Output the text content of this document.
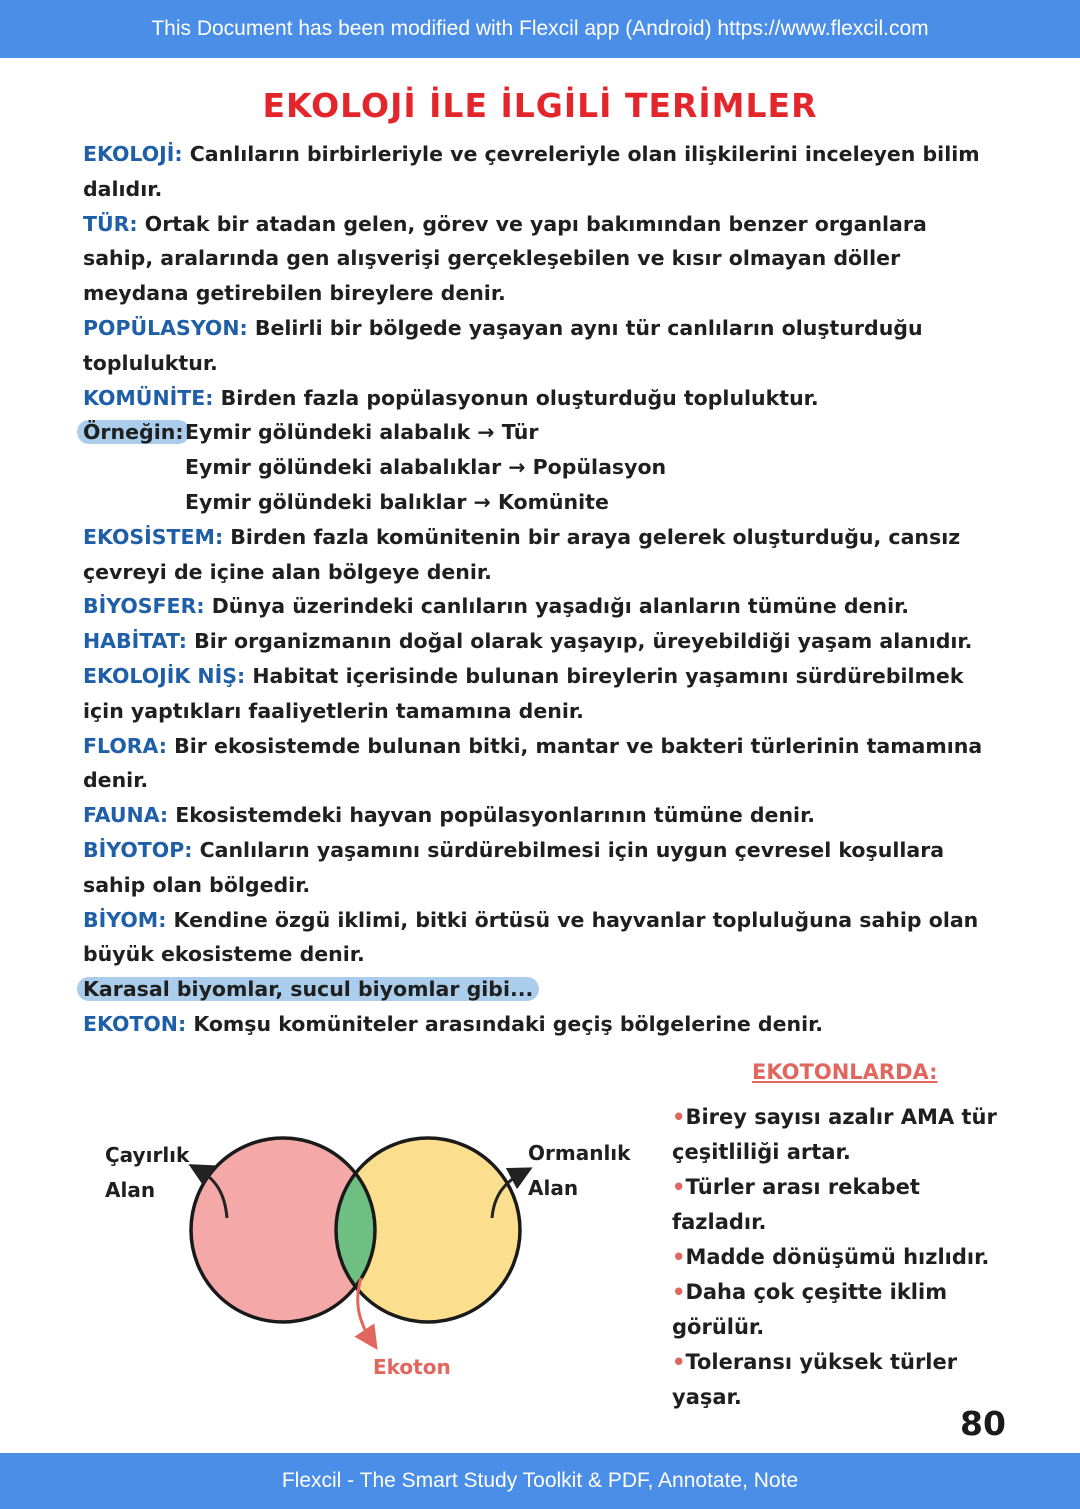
This Document has been modified with Flexcil app (Android) https://www.flexcil.com
EKOLOJİ İLE İLGİLİ TERİMLER

EKOLOJİ: Canlıların birbirleriyle ve çevreleriyle olan ilişkilerini inceleyen bilim dalıdır.

TÜR: Ortak bir atadan gelen, görev ve yapı bakımından benzer organlara sahip, aralarında gen alışverişi gerçekleşebilen ve kısır olmayan döller meydana getirebilen bireylere denir.

POPÜLASYON: Belirli bir bölgede yaşayan aynı tür canlıların oluşturduğu topluluktur.

KOMÜNİTE: Birden fazla popülasyonun oluşturduğu topluluktur.

Örneğin: Eymir gölündeki alabalık → Tür

Eymir gölündeki alabalıklar → Popülasyon

Eymir gölündeki balıklar → Komünite

EKOSİSTEM: Birden fazla komünitenin bir araya gelerek oluşturduğu, cansız çevreyi de içine alan bölgeye denir.

BİYOSFER: Dünya üzerindeki canlıların yaşadığı alanların tümüne denir.

HABİTAT: Bir organizmanın doğal olarak yaşayıp, üreyebildiği yaşam alanıdır.

EKOLOJİK NİŞ: Habitat içerisinde bulunan bireylerin yaşamını sürdürebilmek için yaptıkları faaliyetlerin tamamına denir.

FLORA: Bir ekosistemde bulunan bitki, mantar ve bakteri türlerinin tamamına denir.

FAUNA: Ekosistemdeki hayvan popülasyonlarının tümüne denir.

BİYOTOP: Canlıların yaşamını sürdürebilmesi için uygun çevresel koşullara sahip olan bölgedir.

BİYOM: Kendine özgü iklimi, bitki örtüsü ve hayvanlar topluluğuna sahip olan büyük ekosisteme denir.

Karasal biyomlar, sucul biyomlar gibi...

EKOTON: Komşu komüniteler arasındaki geçiş bölgelerine denir.

Çayırlık
Alan
Ormanlık
Alan
Ekoton
EKOTONLARDA:

•Birey sayısı azalır AMA tür çeşitliliği artar.

•Türler arası rekabet fazladır.

•Madde dönüşümü hızlıdır.

•Daha çok çeşitte iklim görülür.

•Toleransı yüksek türler yaşar.

80
Flexcil - The Smart Study Toolkit & PDF, Annotate, Note
